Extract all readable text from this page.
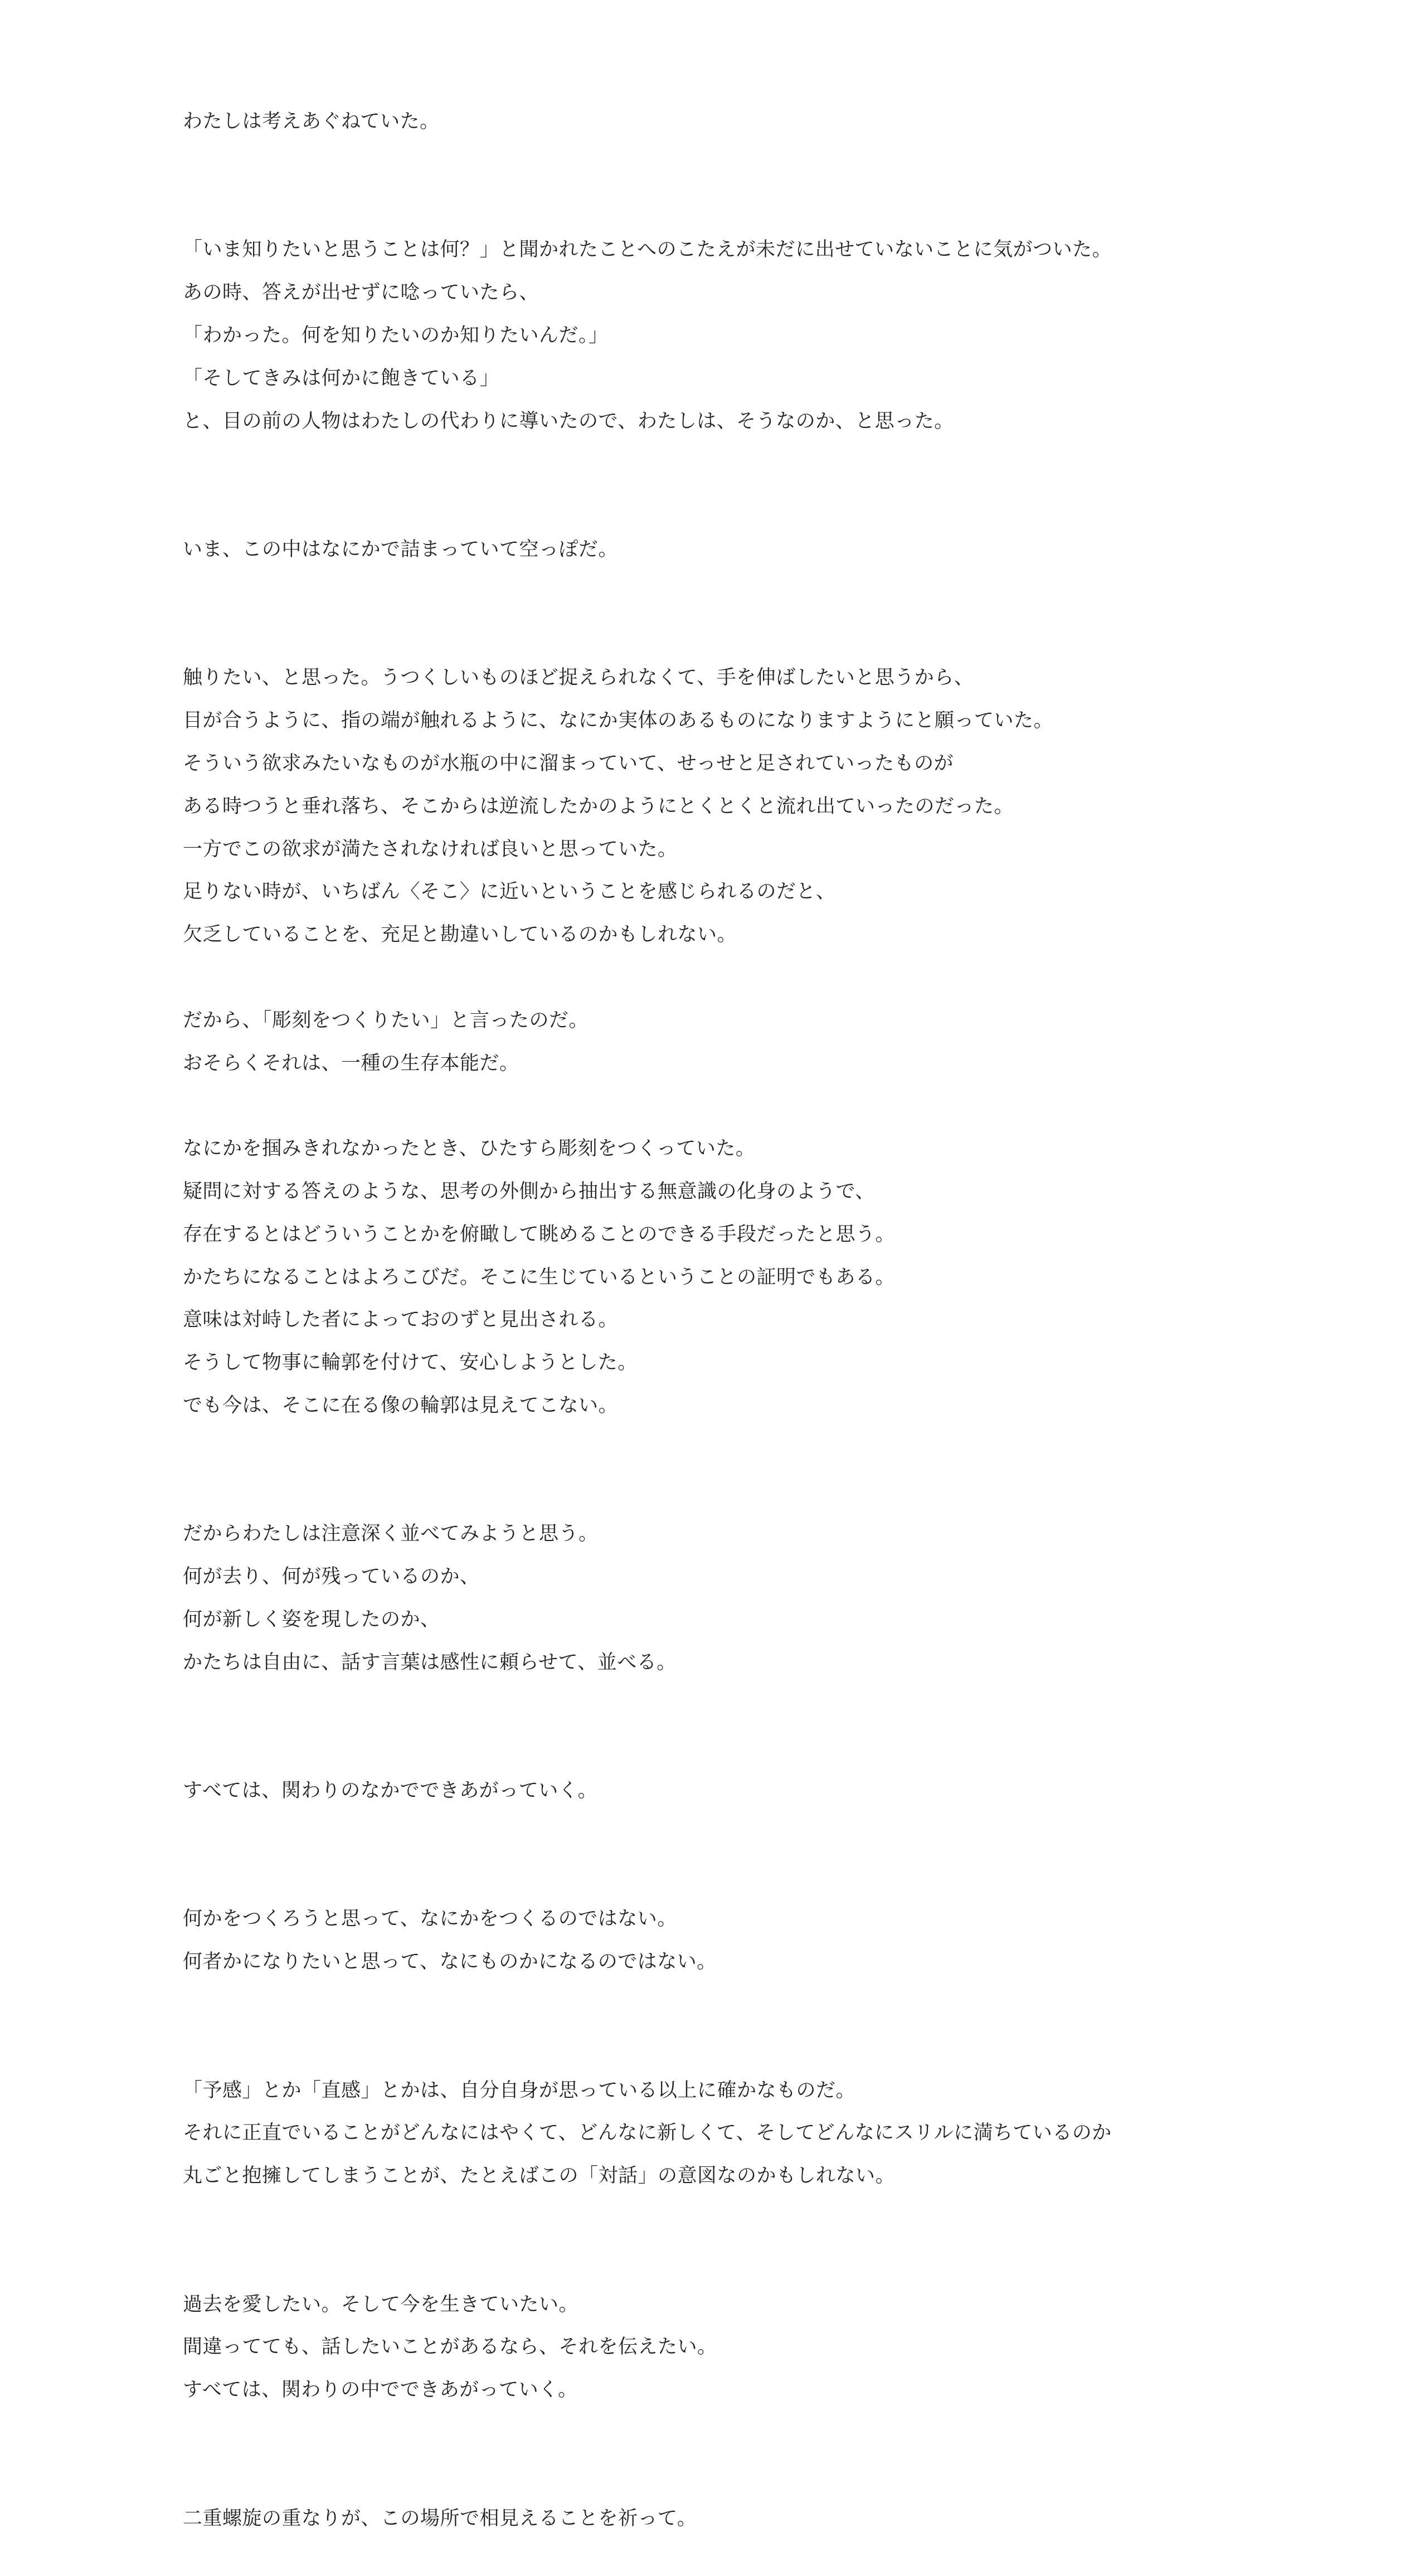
わたしは考えあぐねていた。
「いま知りたいと思うことは何？」と聞かれたことへのこたえが未だに出せていないことに気がついた。
あの時、答えが出せずに唸っていたら、
「わかった。何を知りたいのか知りたいんだ。」
「そしてきみは何かに飽きている」
と、目の前の人物はわたしの代わりに導いたので、わたしは、そうなのか、と思った。
いま、この中はなにかで詰まっていて空っぽだ。
触りたい、と思った。うつくしいものほど捉えられなくて、手を伸ばしたいと思うから、
目が合うように、指の端が触れるように、なにか実体のあるものになりますようにと願っていた。
そういう欲求みたいなものが水瓶の中に溜まっていて、せっせと足されていったものが
ある時つうと垂れ落ち、そこからは逆流したかのようにとくとくと流れ出ていったのだった。
一方でこの欲求が満たされなければ良いと思っていた。
足りない時が、いちばん〈そこ〉に近いということを感じられるのだと、
欠乏していることを、充足と勘違いしているのかもしれない。
だから、「彫刻をつくりたい」と言ったのだ。
おそらくそれは、一種の生存本能だ。
なにかを掴みきれなかったとき、ひたすら彫刻をつくっていた。
疑問に対する答えのような、思考の外側から抽出する無意識の化身のようで、
存在するとはどういうことかを俯瞰して眺めることのできる手段だったと思う。
かたちになることはよろこびだ。そこに生じているということの証明でもある。
意味は対峙した者によっておのずと見出される。
そうして物事に輪郭を付けて、安心しようとした。
でも今は、そこに在る像の輪郭は見えてこない。
だからわたしは注意深く並べてみようと思う。
何が去り、何が残っているのか、
何が新しく姿を現したのか、
かたちは自由に、話す言葉は感性に頼らせて、並べる。
すべては、関わりのなかでできあがっていく。
何かをつくろうと思って、なにかをつくるのではない。
何者かになりたいと思って、なにものかになるのではない。
「予感」とか「直感」とかは、自分自身が思っている以上に確かなものだ。
それに正直でいることがどんなにはやくて、どんなに新しくて、そしてどんなにスリルに満ちているのか
丸ごと抱擁してしまうことが、たとえばこの「対話」の意図なのかもしれない。
過去を愛したい。そして今を生きていたい。
間違ってても、話したいことがあるなら、それを伝えたい。
すべては、関わりの中でできあがっていく。
二重螺旋の重なりが、この場所で相見えることを祈って。
